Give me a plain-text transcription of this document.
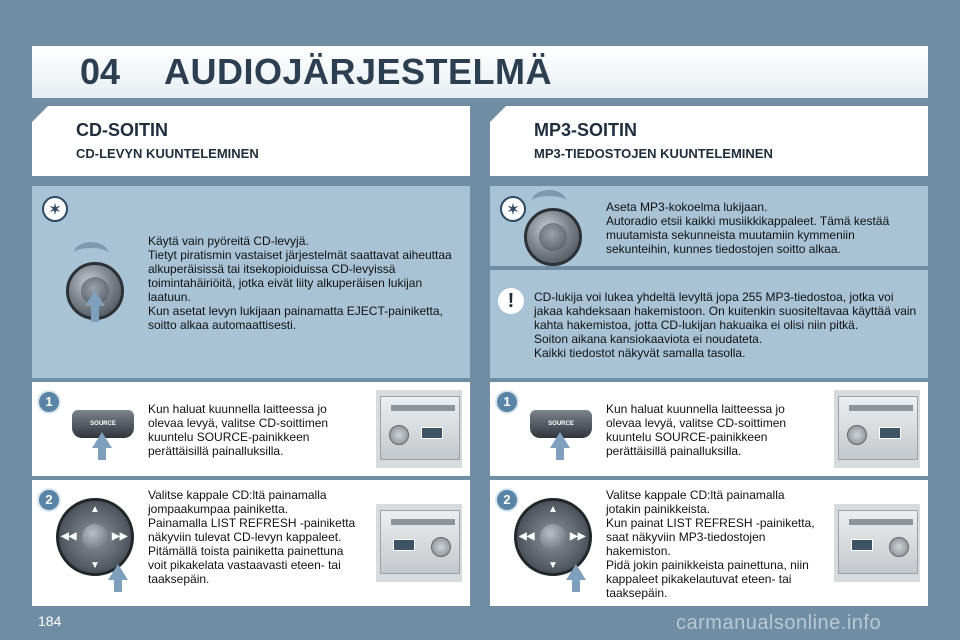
04	AUDIOJÄRJESTELMÄ
CD-SOITIN
CD-LEVYN KUUNTELEMINEN
✶

Käytä vain pyöreitä CD-levyjä.
Tietyt piratismin vastaiset järjestelmät saattavat aiheuttaa alkuperäisissä tai itsekopioiduissa CD-levyissä toimintahäiriöitä, jotka eivät liity alkuperäisen lukijan laatuun.
Kun asetat levyn lukijaan painamatta EJECT-painiketta, soitto alkaa automaattisesti.

1
SOURCE

Kun haluat kuunnella laitteessa jo olevaa levyä, valitse CD-soittimen kuuntelu SOURCE-painikkeen perättäisillä painalluksilla.

2
▲
▼
◀◀	▶▶

Valitse kappale CD:ltä painamalla jompaakumpaa painiketta.
Painamalla LIST REFRESH -painiketta näkyviin tulevat CD-levyn kappaleet.
Pitämällä toista painiketta painettuna voit pikakelata vastaavasti eteen- tai taaksepäin.

MP3-SOITIN
MP3-TIEDOSTOJEN KUUNTELEMINEN
✶	Aseta MP3-kokoelma lukijaan.
Autoradio etsii kaikki musiikkikappaleet. Tämä kestää muutamista sekunneista muutamiin kymmeniin sekunteihin, kunnes tiedostojen soitto alkaa.

!	CD-lukija voi lukea yhdeltä levyltä jopa 255 MP3-tiedostoa, jotka voi jakaa kahdeksaan hakemistoon. On kuitenkin suositeltavaa käyttää vain kahta hakemistoa, jotta CD-lukijan hakuaika ei olisi niin pitkä.
Soiton aikana kansiokaaviota ei noudateta.
Kaikki tiedostot näkyvät samalla tasolla.

1
SOURCE

Kun haluat kuunnella laitteessa jo olevaa levyä, valitse CD-soittimen kuuntelu SOURCE-painikkeen perättäisillä painalluksilla.

2
▲
▼
◀◀	▶▶

Valitse kappale CD:ltä painamalla jotakin painikkeista.
Kun painat LIST REFRESH -painiketta, saat näkyviin MP3-tiedostojen hakemiston.
Pidä jokin painikkeista painettuna, niin kappaleet pikakelautuvat eteen- tai taaksepäin.

184	carmanualsonline.info
